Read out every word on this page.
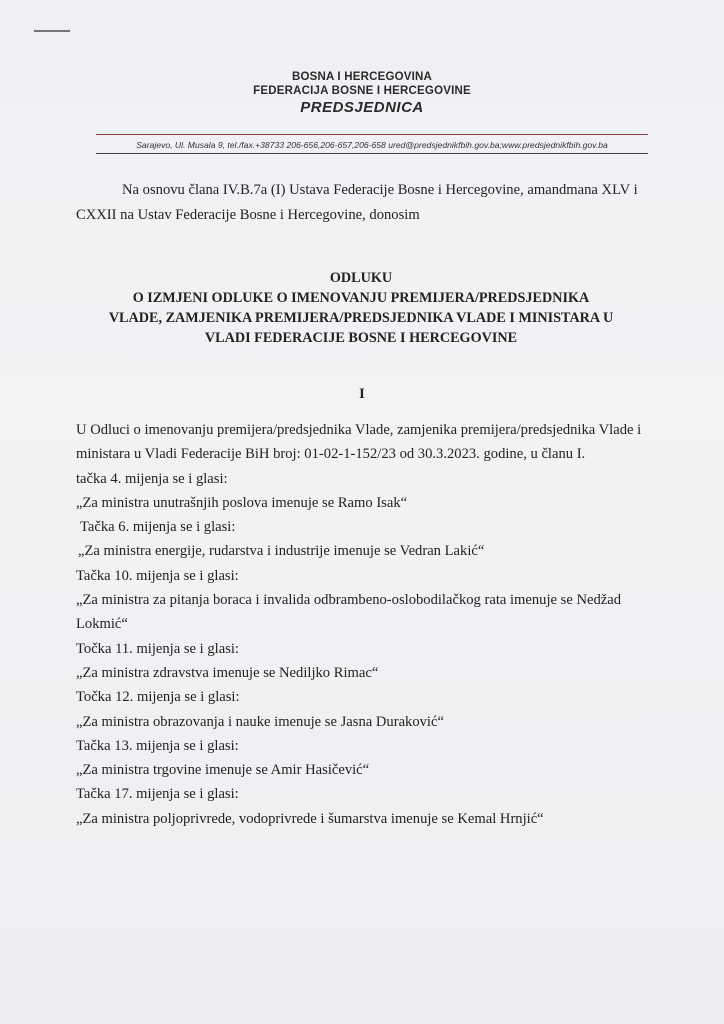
BOSNA I HERCEGOVINA
FEDERACIJA BOSNE I HERCEGOVINE
PREDSJEDNICA
Sarajevo, Ul. Musala 9, tel./fax.+38733 206-656,206-657,206-658 ured@predsjednikfbih.gov.ba;www.predsjednikfbih.gov.ba
Na osnovu člana IV.B.7a (I) Ustava Federacije Bosne i Hercegovine, amandmana XLV i
CXXII na Ustav Federacije Bosne i Hercegovine, donosim
ODLUKU
O IZMJENI ODLUKE O IMENOVANJU PREMIJERA/PREDSJEDNIKA
VLADE, ZAMJENIKA PREMIJERA/PREDSJEDNIKA VLADE I MINISTARA U
VLADI FEDERACIJE BOSNE I HERCEGOVINE
I
U Odluci o imenovanju premijera/predsjednika Vlade, zamjenika premijera/predsjednika Vlade i
ministara u Vladi Federacije BiH broj: 01-02-1-152/23 od 30.3.2023. godine, u članu I.
tačka 4. mijenja se i glasi:
„Za ministra unutrašnjih poslova imenuje se Ramo Isak“
Tačka 6. mijenja se i glasi:
„Za ministra energije, rudarstva i industrije imenuje se Vedran Lakić“
Tačka 10. mijenja se i glasi:
„Za ministra za pitanja boraca i invalida odbrambeno-oslobodilačkog rata imenuje se Nedžad
Lokmić“
Točka 11. mijenja se i glasi:
„Za ministra zdravstva imenuje se Nediljko Rimac“
Točka 12. mijenja se i glasi:
„Za ministra obrazovanja i nauke imenuje se Jasna Duraković“
Tačka 13. mijenja se i glasi:
„Za ministra trgovine imenuje se Amir Hasičević“
Tačka 17. mijenja se i glasi:
„Za ministra poljoprivrede, vodoprivrede i šumarstva imenuje se Kemal Hrnjić“
